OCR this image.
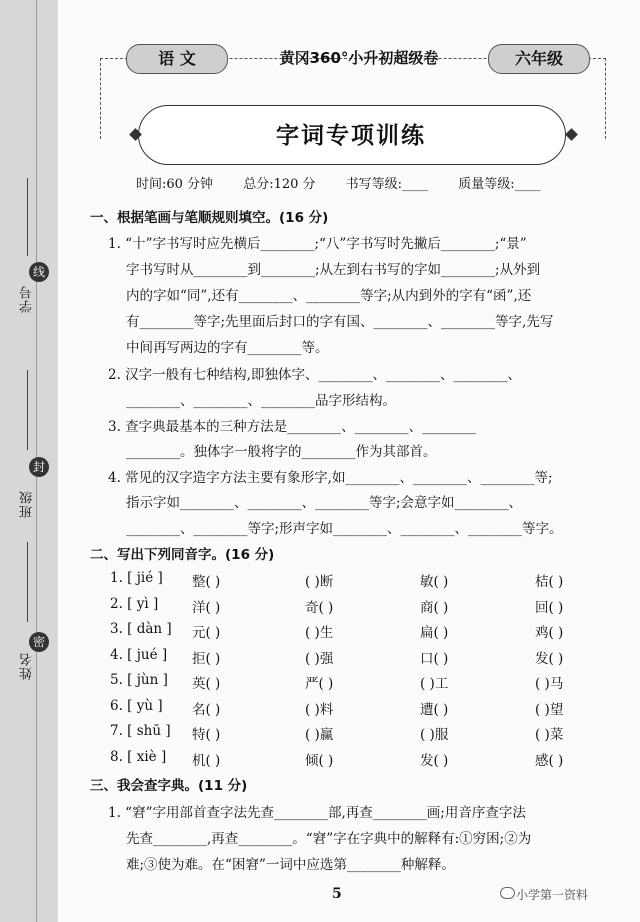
线
封
密
学号
班级
姓名
语 文	黄冈360°小升初超级卷	六年级
字词专项训练
时间:60 分钟 总分:120 分 书写等级:____ 质量等级:____
一、根据笔画与笔顺规则填空。(16 分)
1. “十”字书写时应先横后________;“八”字书写时先撇后________;“景”
字书写时从________到________;从左到右书写的字如________;从外到
内的字如“同”,还有________、________等字;从内到外的字有“函”,还
有________等字;先里面后封口的字有国、________、________等字,先写
中间再写两边的字有________等。
2. 汉字一般有七种结构,即独体字、________、________、________、
________、________、________品字形结构。
3. 查字典最基本的三种方法是________、________、________
________。独体字一般将字的________作为其部首。
4. 常见的汉字造字方法主要有象形字,如________、________、________等;
指示字如________、________、________等字;会意字如________、
________、________等字;形声字如________、________、________等字。
二、写出下列同音字。(16 分)
1. [ jié ] 整( )	( )断	敏( )	桔( )
2. [ yì ]	洋( )	奇( )	商( )	回( )
3. [ dàn ] 元( )	( )生	扁( )	鸡( )
4. [ jué ] 拒( )	( )强	口( )	发( )
5. [ jùn ] 英( )	严( )	( )工	( )马
6. [ yù ] 名( )	( )料	遭( )	( )望
7. [ shū ] 特( )	( )赢	( )服	( )菜
8. [ xiè ] 机( )	倾( )	发( )	感( )
三、我会查字典。(11 分)
1. “窘”字用部首查字法先查________部,再查________画;用音序查字法
先查________,再查________。“窘”字在字典中的解释有:①穷困;②为
难;③使为难。在“困窘”一词中应选第________种解释。
5	小学第一资料
